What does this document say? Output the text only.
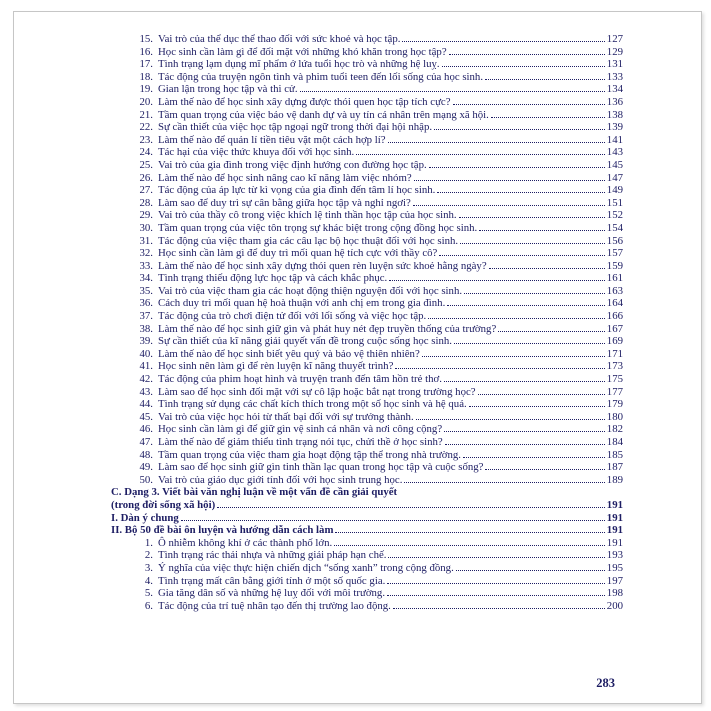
15. Vai trò của thể dục thể thao đối với sức khoẻ và học tập.	127
16. Học sinh cần làm gì để đối mặt với những khó khăn trong học tập?	129
17. Tình trạng lạm dụng mĩ phẩm ở lứa tuổi học trò và những hệ luỵ.	131
18. Tác động của truyện ngôn tình và phim tuổi teen đến lối sống của học sinh.	133
19. Gian lận trong học tập và thi cử.	134
20. Làm thế nào để học sinh xây dựng được thói quen học tập tích cực?	136
21. Tầm quan trọng của việc bảo vệ danh dự và uy tín cá nhân trên mạng xã hội.	138
22. Sự cần thiết của việc học tập ngoại ngữ trong thời đại hội nhập.	139
23. Làm thế nào để quản lí tiền tiêu vặt một cách hợp lí?	141
24. Tác hại của việc thức khuya đối với học sinh.	143
25. Vai trò của gia đình trong việc định hướng con đường học tập.	145
26. Làm thế nào để học sinh nâng cao kĩ năng làm việc nhóm?	147
27. Tác động của áp lực từ kì vọng của gia đình đến tâm lí học sinh.	149
28. Làm sao để duy trì sự cân bằng giữa học tập và nghỉ ngơi?	151
29. Vai trò của thầy cô trong việc khích lệ tinh thần học tập của học sinh.	152
30. Tầm quan trọng của việc tôn trọng sự khác biệt trong cộng đồng học sinh.	154
31. Tác động của việc tham gia các câu lạc bộ học thuật đối với học sinh.	156
32. Học sinh cần làm gì để duy trì mối quan hệ tích cực với thầy cô?	157
33. Làm thế nào để học sinh xây dựng thói quen rèn luyện sức khoẻ hằng ngày?	159
34. Tình trạng thiếu động lực học tập và cách khắc phục.	161
35. Vai trò của việc tham gia các hoạt động thiện nguyện đối với học sinh.	163
36. Cách duy trì mối quan hệ hoà thuận với anh chị em trong gia đình.	164
37. Tác động của trò chơi điện tử đối với lối sống và việc học tập.	166
38. Làm thế nào để học sinh giữ gìn và phát huy nét đẹp truyền thống của trường?	167
39. Sự cần thiết của kĩ năng giải quyết vấn đề trong cuộc sống học sinh.	169
40. Làm thế nào để học sinh biết yêu quý và bảo vệ thiên nhiên?	171
41. Học sinh nên làm gì để rèn luyện kĩ năng thuyết trình?	173
42. Tác động của phim hoạt hình và truyện tranh đến tâm hồn trẻ thơ.	175
43. Làm sao để học sinh đối mặt với sự cô lập hoặc bắt nạt trong trường học?	177
44. Tình trạng sử dụng các chất kích thích trong một số học sinh và hệ quả.	179
45. Vai trò của việc học hỏi từ thất bại đối với sự trưởng thành.	180
46. Học sinh cần làm gì để giữ gìn vệ sinh cá nhân và nơi công cộng?	182
47. Làm thế nào để giảm thiểu tình trạng nói tục, chửi thề ở học sinh?	184
48. Tầm quan trọng của việc tham gia hoạt động tập thể trong nhà trường.	185
49. Làm sao để học sinh giữ gìn tinh thần lạc quan trong học tập và cuộc sống?	187
50. Vai trò của giáo dục giới tính đối với học sinh trung học.	189
C. Dạng 3. Viết bài văn nghị luận về một vấn đề cần giải quyết
(trong đời sống xã hội)	191
I. Dàn ý chung	191
II. Bộ 50 đề bài ôn luyện và hướng dẫn cách làm	191
1. Ô nhiễm không khí ở các thành phố lớn.	191
2. Tình trạng rác thải nhựa và những giải pháp hạn chế.	193
3. Ý nghĩa của việc thực hiện chiến dịch “sống xanh” trong cộng đồng.	195
4. Tình trạng mất cân bằng giới tính ở một số quốc gia.	197
5. Gia tăng dân số và những hệ luỵ đối với môi trường.	198
6. Tác động của trí tuệ nhân tạo đến thị trường lao động.	200
283
